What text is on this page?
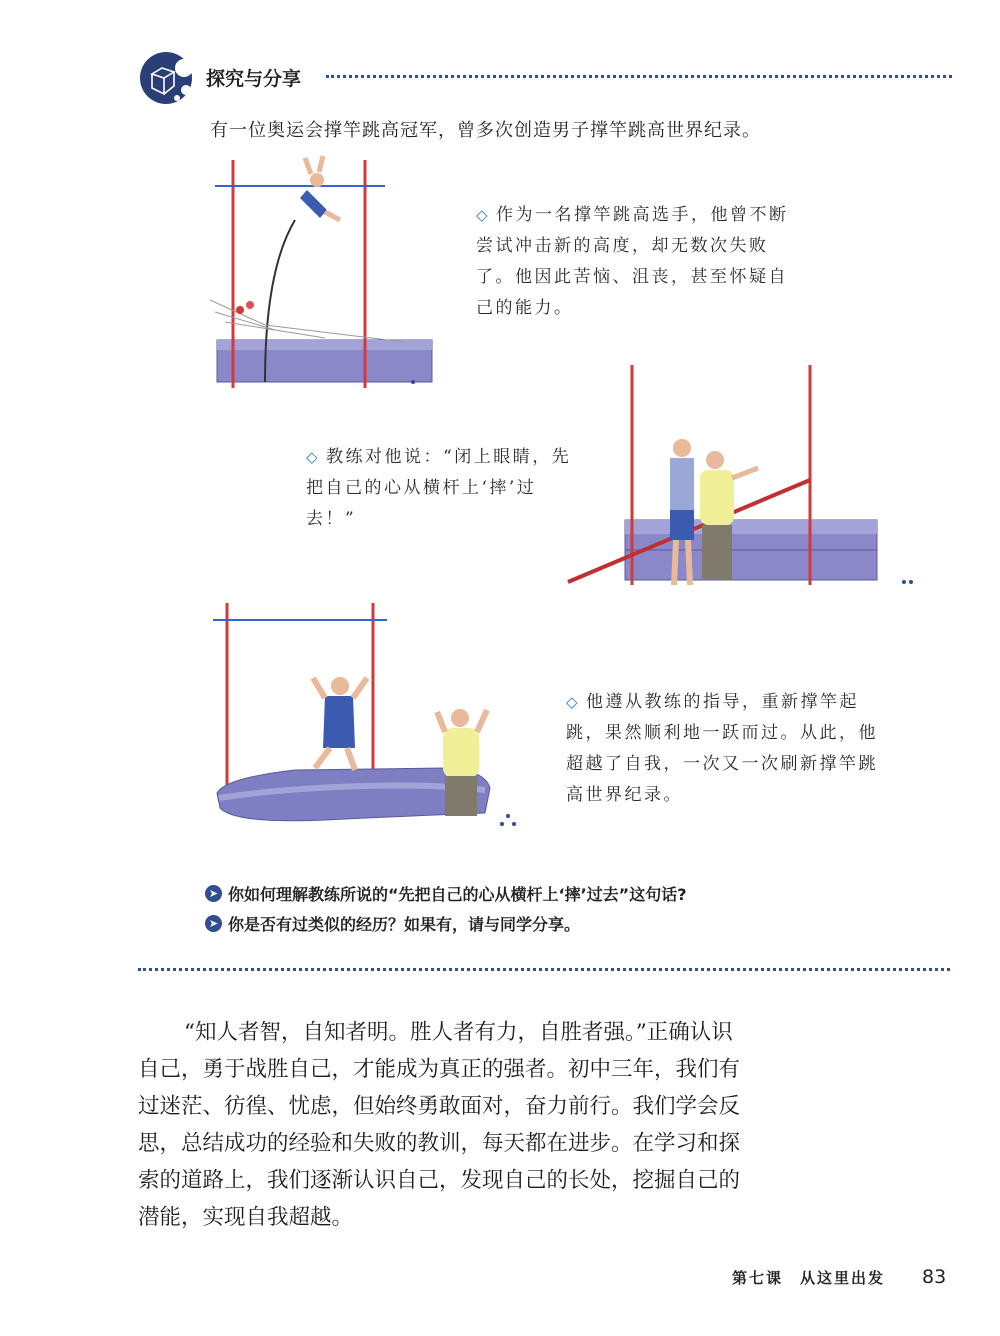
探究与分享
有一位奥运会撑竿跳高冠军，曾多次创造男子撑竿跳高世界纪录。
◇ 作为一名撑竿跳高选手，他曾不断尝试冲击新的高度，却无数次失败了。他因此苦恼、沮丧，甚至怀疑自己的能力。
◇ 教练对他说：“闭上眼睛，先把自己的心从横杆上‘摔’过去！”
◇ 他遵从教练的指导，重新撑竿起跳，果然顺利地一跃而过。从此，他超越了自我，一次又一次刷新撑竿跳高世界纪录。
➤ 你如何理解教练所说的“先把自己的心从横杆上‘摔’过去”这句话?
➤ 你是否有过类似的经历？如果有，请与同学分享。
“知人者智，自知者明。胜人者有力，自胜者强。”正确认识自己，勇于战胜自己，才能成为真正的强者。初中三年，我们有过迷茫、彷徨、忧虑，但始终勇敢面对，奋力前行。我们学会反思，总结成功的经验和失败的教训，每天都在进步。在学习和探索的道路上，我们逐渐认识自己，发现自己的长处，挖掘自己的潜能，实现自我超越。
第七课　从这里出发 83
